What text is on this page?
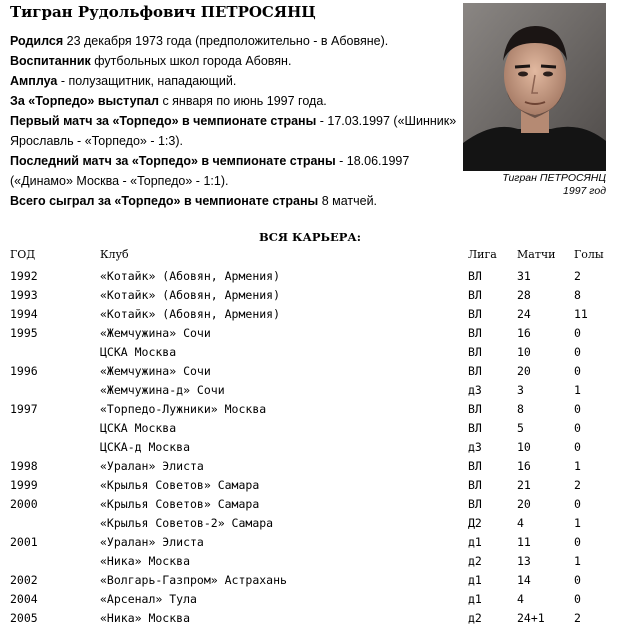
Тигран Рудольфович ПЕТРОСЯНЦ

Родился 23 декабря 1973 года (предположительно - в Абовяне).

Воспитанник футбольных школ города Абовян.

Амплуа - полузащитник, нападающий.

За «Торпедо» выступал с января по июнь 1997 года.

Первый матч за «Торпедо» в чемпионате страны - 17.03.1997 («Шинник» Ярославль - «Торпедо» - 1:3).

Последний матч за «Торпедо» в чемпионате страны - 18.06.1997 («Динамо» Москва - «Торпедо» - 1:1).

Всего сыграл за «Торпедо» в чемпионате страны 8 матчей.

Тигран ПЕТРОСЯНЦ
1997 год
ВСЯ КАРЬЕРА:
ГОД	Клуб	Лига Матчи Голы
1992	«Котайк» (Абовян, Армения)	ВЛ	31	2
1993	«Котайк» (Абовян, Армения)	ВЛ	28	8
1994	«Котайк» (Абовян, Армения)	ВЛ	24	11
1995	«Жемчужина» Сочи	ВЛ	16	0
ЦСКА Москва	ВЛ	10	0
1996	«Жемчужина» Сочи	ВЛ	20	0
«Жемчужина-д» Сочи	д3	3	1
1997	«Торпедо-Лужники» Москва	ВЛ	8	0
ЦСКА Москва	ВЛ	5	0
ЦСКА-д Москва	д3	10	0
1998	«Уралан» Элиста	ВЛ	16	1
1999	«Крылья Советов» Самара	ВЛ	21	2
2000	«Крылья Советов» Самара	ВЛ	20	0
«Крылья Советов-2» Самара	Д2	4	1
2001	«Уралан» Элиста	д1	11	0
«Ника» Москва	д2	13	1
2002	«Волгарь-Газпром» Астрахань	д1	14	0
2004	«Арсенал» Тула	д1	4	0
2005	«Ника» Москва	д2	24+1	2
